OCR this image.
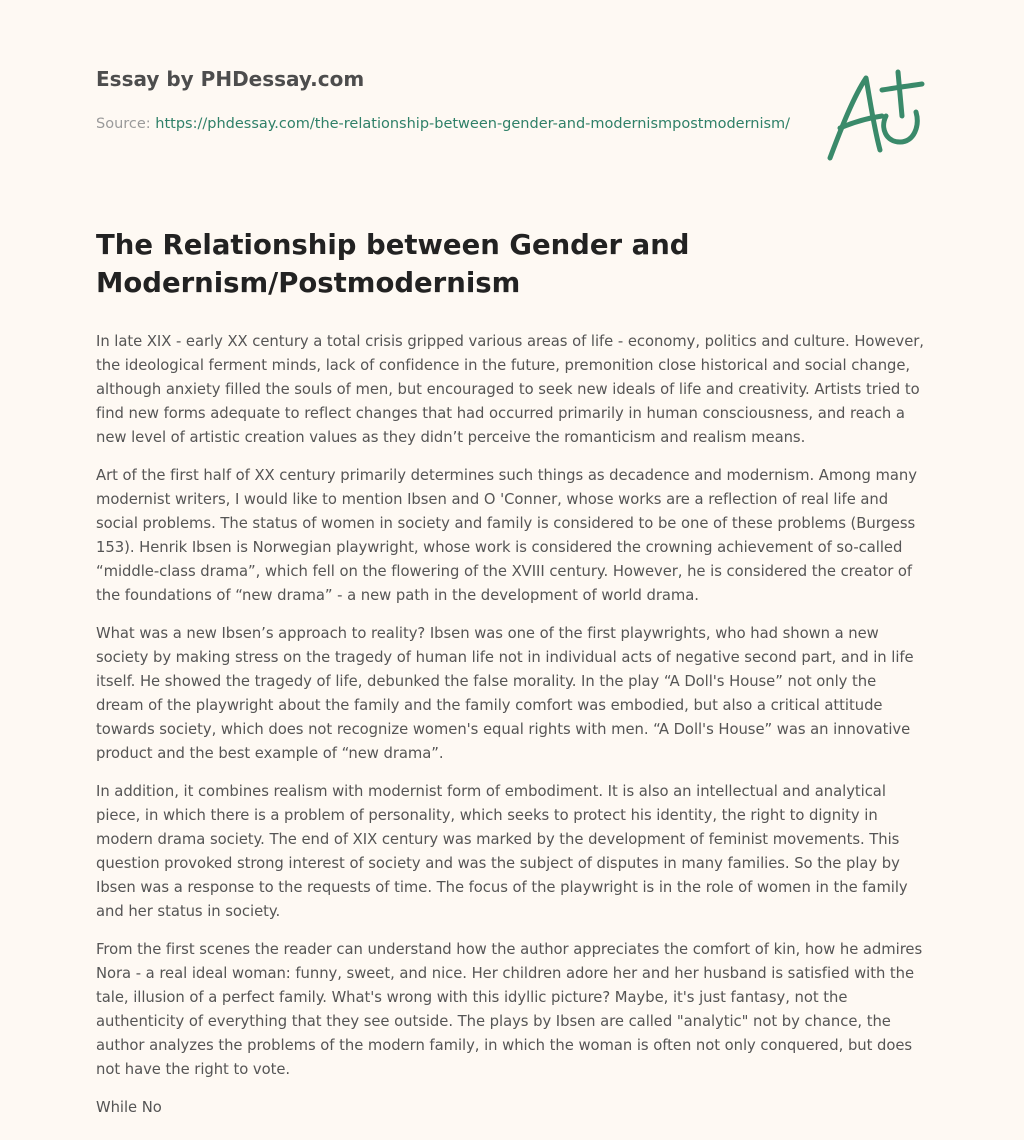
Essay by PHDessay.com
Source: https://phdessay.com/the-relationship-between-gender-and-modernismpostmodernism/
The Relationship between Gender and Modernism/Postmodernism

In late XIX - early XX century a total crisis gripped various areas of life - economy, politics and culture. However, the ideological ferment minds, lack of confidence in the future, premonition close historical and social change, although anxiety filled the souls of men, but encouraged to seek new ideals of life and creativity. Artists tried to find new forms adequate to reflect changes that had occurred primarily in human consciousness, and reach a new level of artistic creation values as they didn’t perceive the romanticism and realism means.

Art of the first half of XX century primarily determines such things as decadence and modernism. Among many modernist writers, I would like to mention Ibsen and O 'Conner, whose works are a reflection of real life and social problems. The status of women in society and family is considered to be one of these problems (Burgess 153). Henrik Ibsen is Norwegian playwright, whose work is considered the crowning achievement of so-called “middle-class drama”, which fell on the flowering of the XVIII century. However, he is considered the creator of the foundations of “new drama” - a new path in the development of world drama.

What was a new Ibsen’s approach to reality? Ibsen was one of the first playwrights, who had shown a new society by making stress on the tragedy of human life not in individual acts of negative second part, and in life itself. He showed the tragedy of life, debunked the false morality. In the play “A Doll's House” not only the dream of the playwright about the family and the family comfort was embodied, but also a critical attitude towards society, which does not recognize women's equal rights with men. “A Doll's House” was an innovative product and the best example of “new drama”.

In addition, it combines realism with modernist form of embodiment. It is also an intellectual and analytical piece, in which there is a problem of personality, which seeks to protect his identity, the right to dignity in modern drama society. The end of XIX century was marked by the development of feminist movements. This question provoked strong interest of society and was the subject of disputes in many families. So the play by Ibsen was a response to the requests of time. The focus of the playwright is in the role of women in the family and her status in society.

From the first scenes the reader can understand how the author appreciates the comfort of kin, how he admires Nora - a real ideal woman: funny, sweet, and nice. Her children adore her and her husband is satisfied with the tale, illusion of a perfect family. What's wrong with this idyllic picture? Maybe, it's just fantasy, not the authenticity of everything that they see outside. The plays by Ibsen are called "analytic" not by chance, the author analyzes the problems of the modern family, in which the woman is often not only conquered, but does not have the right to vote.

While No
